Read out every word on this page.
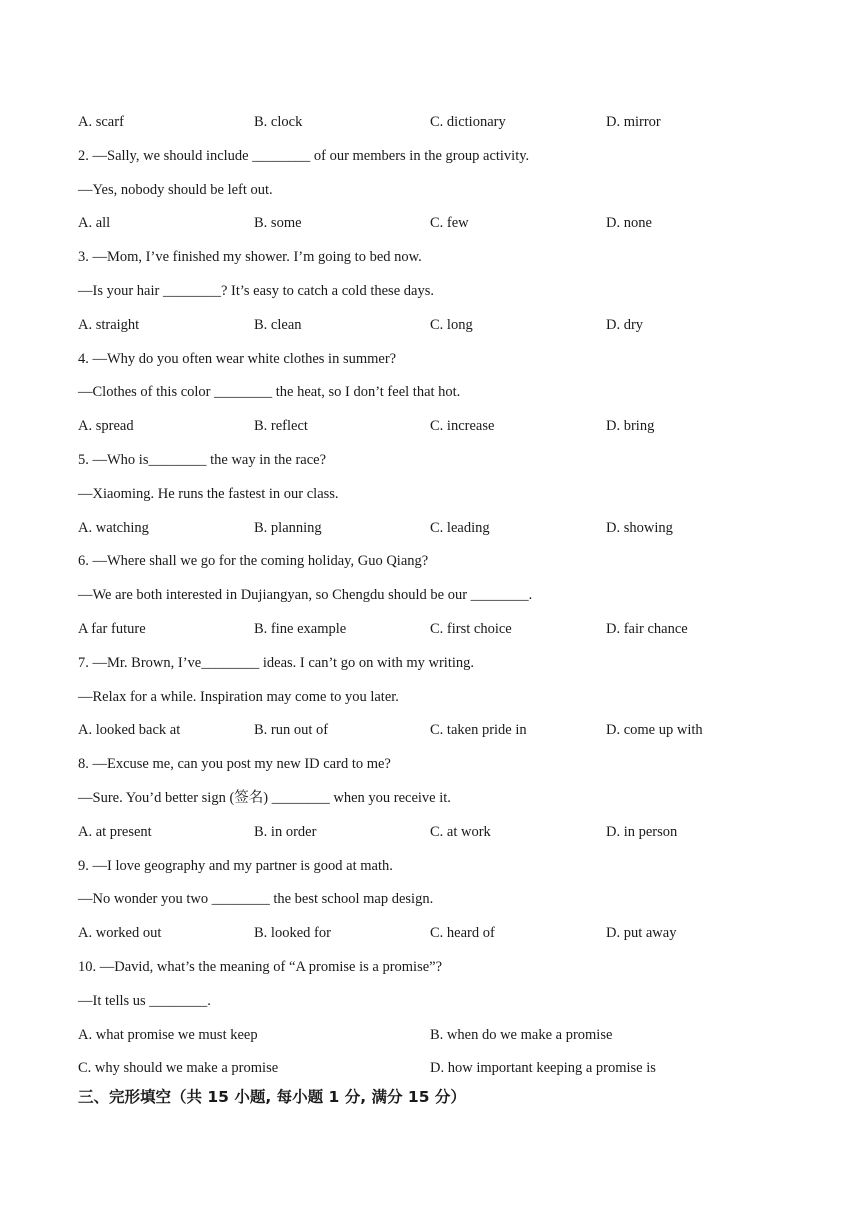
A. scarf	B. clock	C. dictionary	D. mirror
2. —Sally, we should include ________ of our members in the group activity.
—Yes, nobody should be left out.
A. all	B. some	C. few	D. none
3. —Mom, I’ve finished my shower. I’m going to bed now.
—Is your hair ________? It’s easy to catch a cold these days.
A. straight	B. clean	C. long	D. dry
4. —Why do you often wear white clothes in summer?
—Clothes of this color ________ the heat, so I don’t feel that hot.
A. spread	B. reflect	C. increase	D. bring
5. —Who is________ the way in the race?
—Xiaoming. He runs the fastest in our class.
A. watching	B. planning	C. leading	D. showing
6. —Where shall we go for the coming holiday, Guo Qiang?
—We are both interested in Dujiangyan, so Chengdu should be our ________.
A far future	B. fine example	C. first choice	D. fair chance
7. —Mr. Brown, I’ve________ ideas. I can’t go on with my writing.
—Relax for a while. Inspiration may come to you later.
A. looked back at	B. run out of	C. taken pride in	D. come up with
8. —Excuse me, can you post my new ID card to me?
—Sure. You’d better sign (签名) ________ when you receive it.
A. at present	B. in order	C. at work	D. in person
9. —I love geography and my partner is good at math.
—No wonder you two ________ the best school map design.
A. worked out	B. looked for	C. heard of	D. put away
10. —David, what’s the meaning of “A promise is a promise”?
—It tells us ________.
A. what promise we must keep	B. when do we make a promise
C. why should we make a promise	D. how important keeping a promise is
三、完形填空（共 15 小题, 每小题 1 分, 满分 15 分）
